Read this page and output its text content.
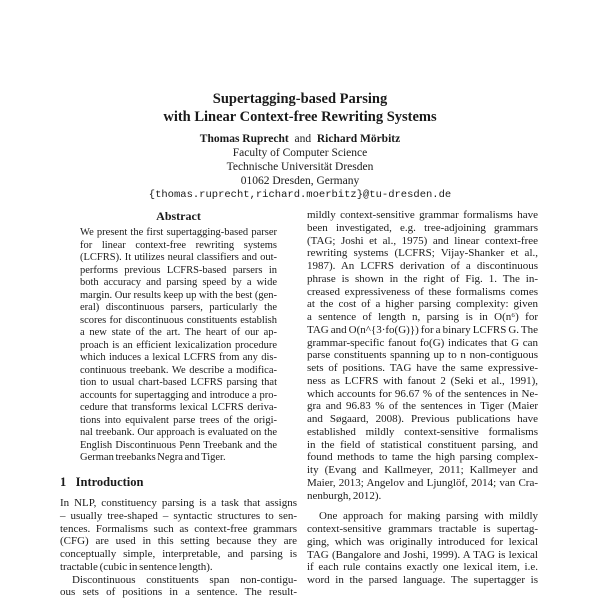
Supertagging-based Parsing
with Linear Context-free Rewriting Systems
Thomas Ruprecht and Richard Mörbitz
Faculty of Computer Science
Technische Universität Dresden
01062 Dresden, Germany
{thomas.ruprecht,richard.moerbitz}@tu-dresden.de
Abstract
We present the first supertagging-based parser
for linear context-free rewriting systems
(LCFRS). It utilizes neural classifiers and out-
performs previous LCFRS-based parsers in
both accuracy and parsing speed by a wide
margin. Our results keep up with the best (gen-
eral) discontinuous parsers, particularly the
scores for discontinuous constituents establish
a new state of the art. The heart of our ap-
proach is an efficient lexicalization procedure
which induces a lexical LCFRS from any dis-
continuous treebank. We describe a modifica-
tion to usual chart-based LCFRS parsing that
accounts for supertagging and introduce a pro-
cedure that transforms lexical LCFRS deriva-
tions into equivalent parse trees of the origi-
nal treebank. Our approach is evaluated on the
English Discontinuous Penn Treebank and the
German treebanks Negra and Tiger.
1 Introduction
In NLP, constituency parsing is a task that assigns
– usually tree-shaped – syntactic structures to sen-
tences. Formalisms such as context-free grammars
(CFG) are used in this setting because they are
conceptually simple, interpretable, and parsing is
tractable (cubic in sentence length).
Discontinuous constituents span non-contigu-
ous sets of positions in a sentence. The result-
mildly context-sensitive grammar formalisms have
been investigated, e.g. tree-adjoining grammars
(TAG; Joshi et al., 1975) and linear context-free
rewriting systems (LCFRS; Vijay-Shanker et al.,
1987). An LCFRS derivation of a discontinuous
phrase is shown in the right of Fig. 1. The in-
creased expressiveness of these formalisms comes
at the cost of a higher parsing complexity: given
a sentence of length n, parsing is in O(n⁶) for
TAG and O(n^{3·fo(G)}) for a binary LCFRS G. The
grammar-specific fanout fo(G) indicates that G can
parse constituents spanning up to n non-contiguous
sets of positions. TAG have the same expressive-
ness as LCFRS with fanout 2 (Seki et al., 1991),
which accounts for 96.67 % of the sentences in Ne-
gra and 96.83 % of the sentences in Tiger (Maier
and Søgaard, 2008). Previous publications have
established mildly context-sensitive formalisms
in the field of statistical constituent parsing, and
found methods to tame the high parsing complex-
ity (Evang and Kallmeyer, 2011; Kallmeyer and
Maier, 2013; Angelov and Ljunglöf, 2014; van Cra-
nenburgh, 2012).
One approach for making parsing with mildly
context-sensitive grammars tractable is supertag-
ging, which was originally introduced for lexical
TAG (Bangalore and Joshi, 1999). A TAG is lexical
if each rule contains exactly one lexical item, i.e.
word in the parsed language. The supertagger is
